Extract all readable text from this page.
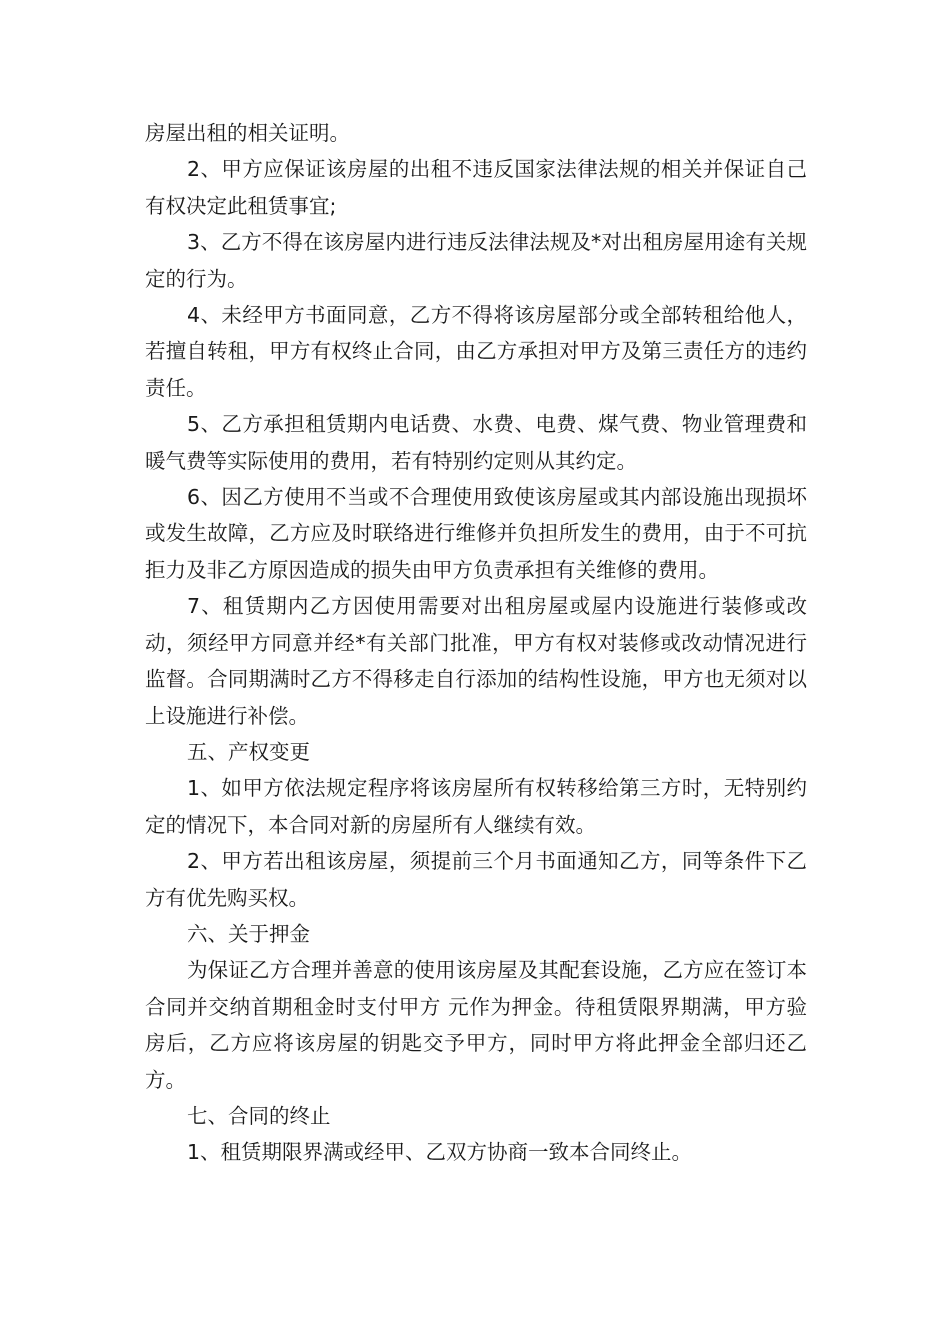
房屋出租的相关证明。

2、甲方应保证该房屋的出租不违反国家法律法规的相关并保证自己有权决定此租赁事宜;

3、乙方不得在该房屋内进行违反法律法规及*对出租房屋用途有关规定的行为。

4、未经甲方书面同意，乙方不得将该房屋部分或全部转租给他人，若擅自转租，甲方有权终止合同，由乙方承担对甲方及第三责任方的违约责任。

5、乙方承担租赁期内电话费、水费、电费、煤气费、物业管理费和暖气费等实际使用的费用，若有特别约定则从其约定。

6、因乙方使用不当或不合理使用致使该房屋或其内部设施出现损坏或发生故障，乙方应及时联络进行维修并负担所发生的费用，由于不可抗拒力及非乙方原因造成的损失由甲方负责承担有关维修的费用。

7、租赁期内乙方因使用需要对出租房屋或屋内设施进行装修或改动，须经甲方同意并经*有关部门批准，甲方有权对装修或改动情况进行监督。合同期满时乙方不得移走自行添加的结构性设施，甲方也无须对以上设施进行补偿。

五、产权变更

1、如甲方依法规定程序将该房屋所有权转移给第三方时，无特别约定的情况下，本合同对新的房屋所有人继续有效。

2、甲方若出租该房屋，须提前三个月书面通知乙方，同等条件下乙方有优先购买权。

六、关于押金

为保证乙方合理并善意的使用该房屋及其配套设施，乙方应在签订本合同并交纳首期租金时支付甲方 元作为押金。待租赁限界期满，甲方验房后，乙方应将该房屋的钥匙交予甲方，同时甲方将此押金全部归还乙方。

七、合同的终止

1、租赁期限界满或经甲、乙双方协商一致本合同终止。
